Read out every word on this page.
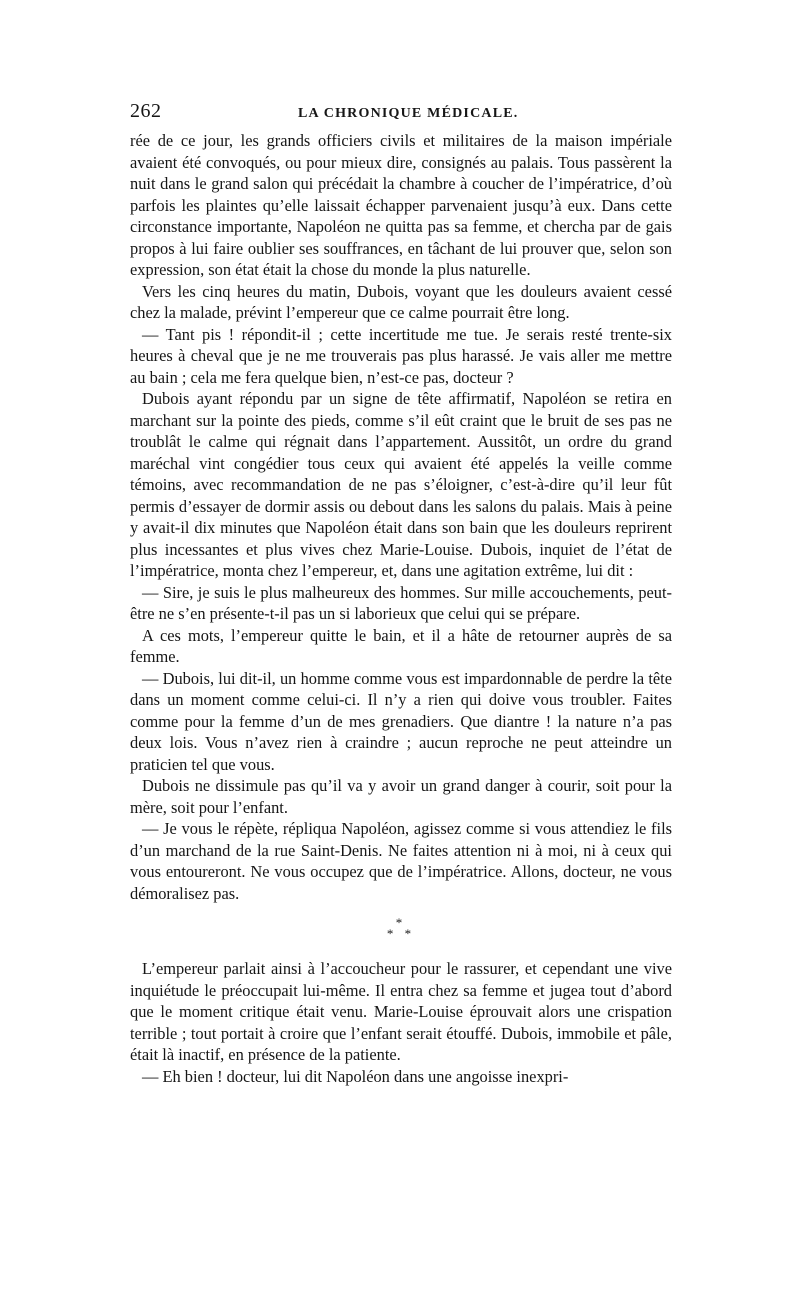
262	LA CHRONIQUE MÉDICALE.

rée de ce jour, les grands officiers civils et militaires de la maison impériale avaient été convoqués, ou pour mieux dire, consignés au palais. Tous passèrent la nuit dans le grand salon qui précédait la chambre à coucher de l’impératrice, d’où parfois les plaintes qu’elle laissait échapper parvenaient jusqu’à eux. Dans cette circonstance importante, Napoléon ne quitta pas sa femme, et chercha par de gais propos à lui faire oublier ses souffrances, en tâchant de lui prouver que, selon son expression, son état était la chose du monde la plus naturelle.

Vers les cinq heures du matin, Dubois, voyant que les douleurs avaient cessé chez la malade, prévint l’empereur que ce calme pourrait être long.

— Tant pis ! répondit-il ; cette incertitude me tue. Je serais resté trente-six heures à cheval que je ne me trouverais pas plus harassé. Je vais aller me mettre au bain ; cela me fera quelque bien, n’est-ce pas, docteur ?

Dubois ayant répondu par un signe de tête affirmatif, Napoléon se retira en marchant sur la pointe des pieds, comme s’il eût craint que le bruit de ses pas ne troublât le calme qui régnait dans l’appartement. Aussitôt, un ordre du grand maréchal vint congédier tous ceux qui avaient été appelés la veille comme témoins, avec recommandation de ne pas s’éloigner, c’est-à-dire qu’il leur fût permis d’essayer de dormir assis ou debout dans les salons du palais. Mais à peine y avait-il dix minutes que Napoléon était dans son bain que les douleurs reprirent plus incessantes et plus vives chez Marie-Louise. Dubois, inquiet de l’état de l’impératrice, monta chez l’empereur, et, dans une agitation extrême, lui dit :

— Sire, je suis le plus malheureux des hommes. Sur mille accouchements, peut-être ne s’en présente-t-il pas un si laborieux que celui qui se prépare.

A ces mots, l’empereur quitte le bain, et il a hâte de retourner auprès de sa femme.

— Dubois, lui dit-il, un homme comme vous est impardonnable de perdre la tête dans un moment comme celui-ci. Il n’y a rien qui doive vous troubler. Faites comme pour la femme d’un de mes grenadiers. Que diantre ! la nature n’a pas deux lois. Vous n’avez rien à craindre ; aucun reproche ne peut atteindre un praticien tel que vous.

Dubois ne dissimule pas qu’il va y avoir un grand danger à courir, soit pour la mère, soit pour l’enfant.

— Je vous le répète, répliqua Napoléon, agissez comme si vous attendiez le fils d’un marchand de la rue Saint-Denis. Ne faites attention ni à moi, ni à ceux qui vous entoureront. Ne vous occupez que de l’impératrice. Allons, docteur, ne vous démoralisez pas.

*
* *

L’empereur parlait ainsi à l’accoucheur pour le rassurer, et cependant une vive inquiétude le préoccupait lui-même. Il entra chez sa femme et jugea tout d’abord que le moment critique était venu. Marie-Louise éprouvait alors une crispation terrible ; tout portait à croire que l’enfant serait étouffé. Dubois, immobile et pâle, était là inactif, en présence de la patiente.

— Eh bien ! docteur, lui dit Napoléon dans une angoisse inexpri-
